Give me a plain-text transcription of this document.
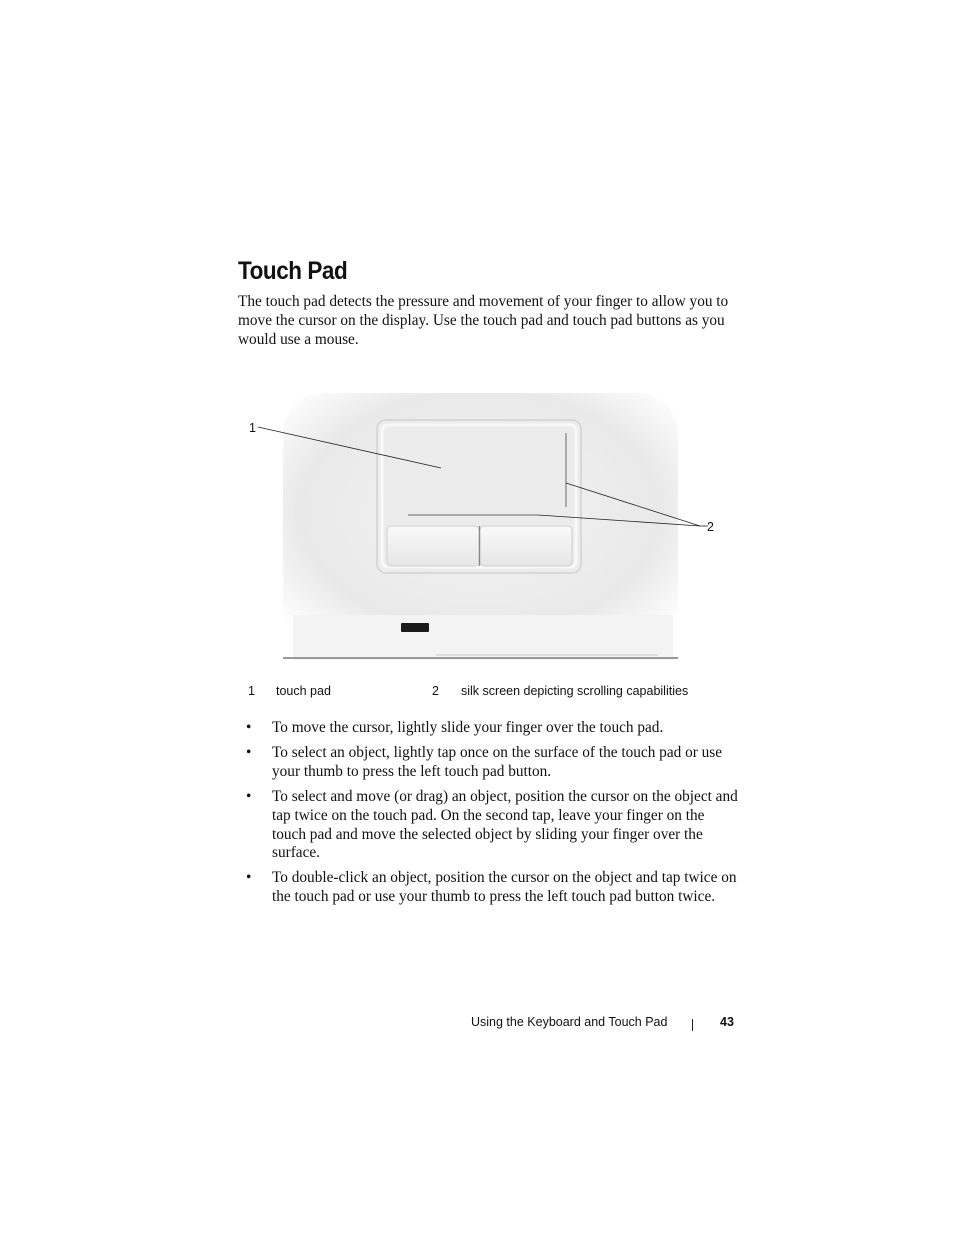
Touch Pad

The touch pad detects the pressure and movement of your finger to allow you to move the cursor on the display. Use the touch pad and touch pad buttons as you would use a mouse.

1
2
1 touch pad	2 silk screen depicting scrolling capabilities
• To move the cursor, lightly slide your finger over the touch pad.
• To select an object, lightly tap once on the surface of the touch pad or use your thumb to press the left touch pad button.
• To select and move (or drag) an object, position the cursor on the object and tap twice on the touch pad. On the second tap, leave your finger on the touch pad and move the selected object by sliding your finger over the surface.
• To double-click an object, position the cursor on the object and tap twice on the touch pad or use your thumb to press the left touch pad button twice.
Using the Keyboard and Touch Pad	43
